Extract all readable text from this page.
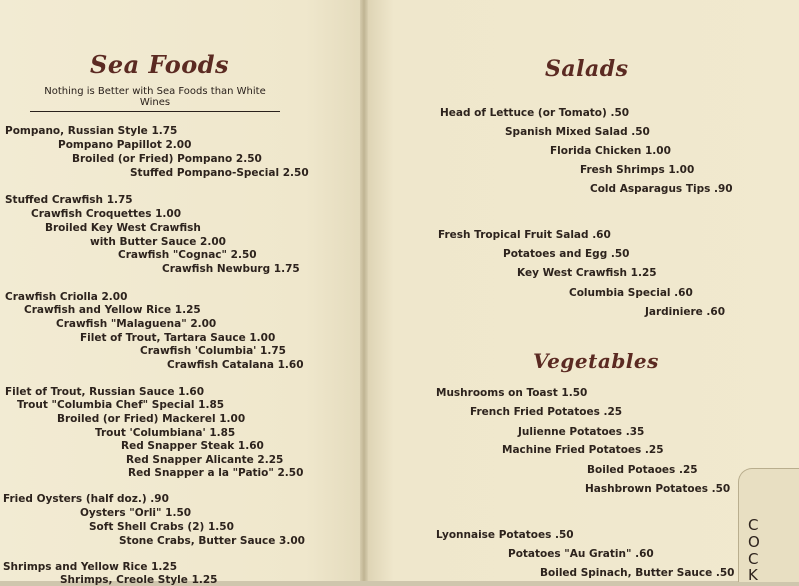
Sea Foods
Nothing is Better with Sea Foods than White Wines
Pompano, Russian Style 1.75
Pompano Papillot 2.00
Broiled (or Fried) Pompano 2.50
Stuffed Pompano-Special 2.50
Stuffed Crawfish 1.75
Crawfish Croquettes 1.00
Broiled Key West Crawfish
with Butter Sauce 2.00
Crawfish "Cognac" 2.50
Crawfish Newburg 1.75
Crawfish Criolla 2.00
Crawfish and Yellow Rice 1.25
Crawfish "Malaguena" 2.00
Filet of Trout, Tartara Sauce 1.00
Crawfish 'Columbia' 1.75
Crawfish Catalana 1.60
Filet of Trout, Russian Sauce 1.60
Trout "Columbia Chef" Special 1.85
Broiled (or Fried) Mackerel 1.00
Trout 'Columbiana' 1.85
Red Snapper Steak 1.60
Red Snapper Alicante 2.25
Red Snapper a la "Patio" 2.50
Fried Oysters (half doz.) .90
Oysters "Orli" 1.50
Soft Shell Crabs (2) 1.50
Stone Crabs, Butter Sauce 3.00
Shrimps and Yellow Rice 1.25
Shrimps, Creole Style 1.25
Salads
Head of Lettuce (or Tomato) .50
Spanish Mixed Salad .50
Florida Chicken 1.00
Fresh Shrimps 1.00
Cold Asparagus Tips .90
Fresh Tropical Fruit Salad .60
Potatoes and Egg .50
Key West Crawfish 1.25
Columbia Special .60
Jardiniere .60
Vegetables
Mushrooms on Toast 1.50
French Fried Potatoes .25
Julienne Potatoes .35
Machine Fried Potatoes .25
Boiled Potaoes .25
Hashbrown Potatoes .50
Lyonnaise Potatoes .50
Potatoes "Au Gratin" .60
Boiled Spinach, Butter Sauce .50
C
O
C
K
